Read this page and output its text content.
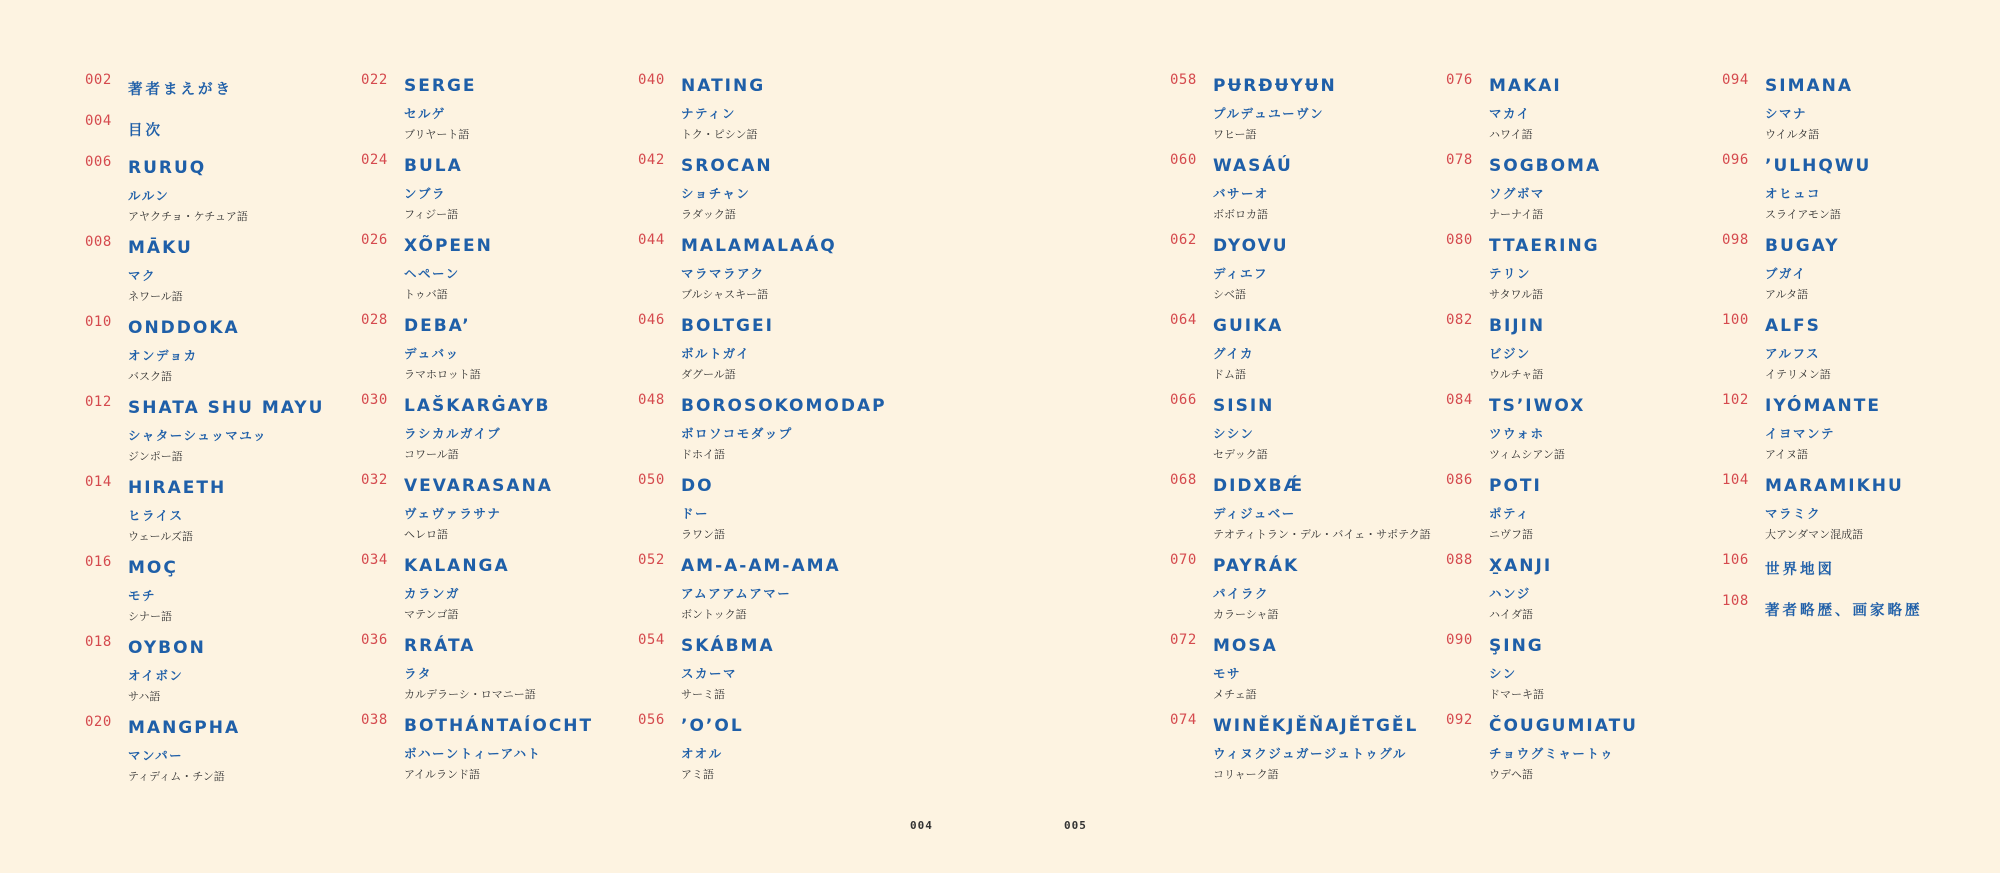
002
著者まえがき
004
目次
006 RURUQ
ルルン
アヤクチョ・ケチュア語
008 MĀKU
マク
ネワール語
010 ONDDOKA
オンデョカ
バスク語
012 SHATA SHU MAYU
シャターシュッマユッ
ジンポー語
014 HIRAETH
ヒライス
ウェールズ語
016 MOÇ
モチ
シナー語
018 OYBON
オイボン
サハ語
020 MANGPHA
マンパー
ティディム・チン語
022 SERGE
セルゲ
ブリヤート語
024 BULA
ンブラ
フィジー語
026 XÕPEEN
ヘペーン
トゥバ語
028 DEBA’
デュバッ
ラマホロット語
030 LAŠKARĠAYB
ラシカルガイブ
コワール語
032 VEVARASANA
ヴェヴァラサナ
ヘレロ語
034 KALANGA
カランガ
マテンゴ語
036 RRÁTA
ラタ
カルデラーシ・ロマニー語
038 BOTHÁNTAÍOCHT
ボハーントィーアハト
アイルランド語
040 NATING
ナティン
トク・ピシン語
042 SROCAN
ショチャン
ラダック語
044 MALAMALAÁQ
マラマラアク
ブルシャスキー語
046 BOLTGEI
ボルトガイ
ダグール語
048 BOROSOKOMODAP
ボロソコモダップ
ドホイ語
050 DO
ドー
ラワン語
052 AM-A-AM-AMA
アムアアムアマー
ボントック語
054 SKÁBMA
スカーマ
サーミ語
056 ’O’OL
オオル
アミ語
004
058 PɄRÐɄYɄN
プルデュユーヴン
ワヒー語
060 WASÁÚ
バサーオ
ボボロカ語
062 DYOVU
ディエフ
シベ語
064 GUIKA
グイカ
ドム語
066 SISIN
シシン
セデック語
068 DIDXBǼ
ディジュベー
テオティトラン・デル・バイェ・サポテク語
070 PAYRÁK
パイラク
カラーシャ語
072 MOSA
モサ
メチェ語
074 WINĚKJĚŇAJĚTGĚL
ウィヌクジュガージュトゥグル
コリャーク語
076 MAKAI
マカイ
ハワイ語
078 SOGBOMA
ソグボマ
ナーナイ語
080 TTAERING
テリン
サタワル語
082 BIJIN
ビジン
ウルチャ語
084 TS’IWOX
ツウォホ
ツィムシアン語
086 POTI
ポティ
ニヴフ語
088 X̱ANJI
ハンジ
ハイダ語
090 ŞING
シン
ドマーキ語
092 ČOUGUMIATU
チョウグミャートゥ
ウデヘ語
094 SIMANA
シマナ
ウイルタ語
096 ’ULHQWU
オヒュコ
スライアモン語
098 BUGAY
ブガイ
アルタ語
100 ALFS
アルフス
イテリメン語
102 IYÓMANTE
イヨマンテ
アイヌ語
104 MARAMIKHU
マラミク
大アンダマン混成語
106
世界地図
108
著者略歴、画家略歴
005
